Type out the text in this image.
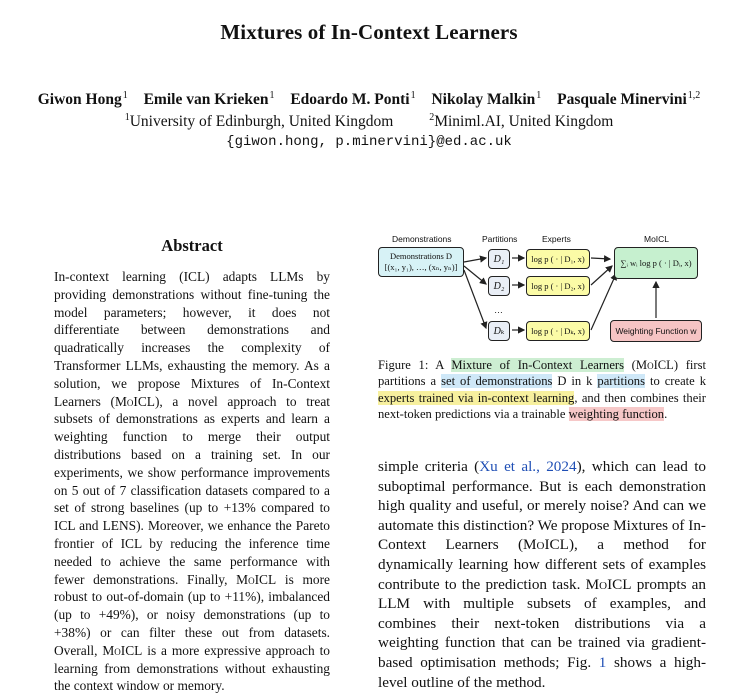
Mixtures of In-Context Learners
Giwon Hong$^1$ Emile van Krieken$^1$ Edoardo M. Ponti$^1$ Nikolay Malkin$^1$ Pasquale Minervini$^{1,2}$
$^1$University of Edinburgh, United Kingdom	$^2$Miniml.AI, United Kingdom
{giwon.hong, p.minervini}@ed.ac.uk
Abstract
In-context learning (ICL) adapts LLMs by providing demonstrations without fine-tuning the model parameters; however, it does not differentiate between demonstrations and quadratically increases the complexity of Transformer LLMs, exhausting the memory. As a solution, we propose Mixtures of In-Context Learners (MoICL), a novel approach to treat subsets of demonstrations as experts and learn a weighting function to merge their output distributions based on a training set. In our experiments, we show performance improvements on 5 out of 7 classification datasets compared to a set of strong baselines (up to +13% compared to ICL and LENS). Moreover, we enhance the Pareto frontier of ICL by reducing the inference time needed to achieve the same performance with fewer demonstrations. Finally, MoICL is more robust to out-of-domain (up to +11%), imbalanced (up to +49%), or noisy demonstrations (up to +38%) or can filter these out from datasets. Overall, MoICL is a more expressive approach to learning from demonstrations without exhausting the context window or memory.
Demonstrations	Partitions	Experts	MoICL
Demonstrations D
[(x₁, y₁), …, (xₙ, yₙ)]
D₁
D₂
…
Dₖ
log p ( · | D₁, x)
log p ( · | D₂, x)
log p ( · | Dₖ, x)
∑ᵢ wᵢ log p ( · | Dᵢ, x)
Weighting Function w
Figure 1: A Mixture of In-Context Learners (MoICL) first partitions a set of demonstrations D in k partitions to create k experts trained via in-context learning, and then combines their next-token predictions via a trainable weighting function.
simple criteria (Xu et al., 2024), which can lead to suboptimal performance. But is each demonstration high quality and useful, or merely noise? And can we automate this distinction? We propose Mixtures of In-Context Learners (MoICL), a method for dynamically learning how different sets of examples contribute to the prediction task. MoICL prompts an LLM with multiple subsets of examples, and combines their next-token distributions via a weighting function that can be trained via gradient-based optimisation methods; Fig. 1 shows a high-level outline of the method.
